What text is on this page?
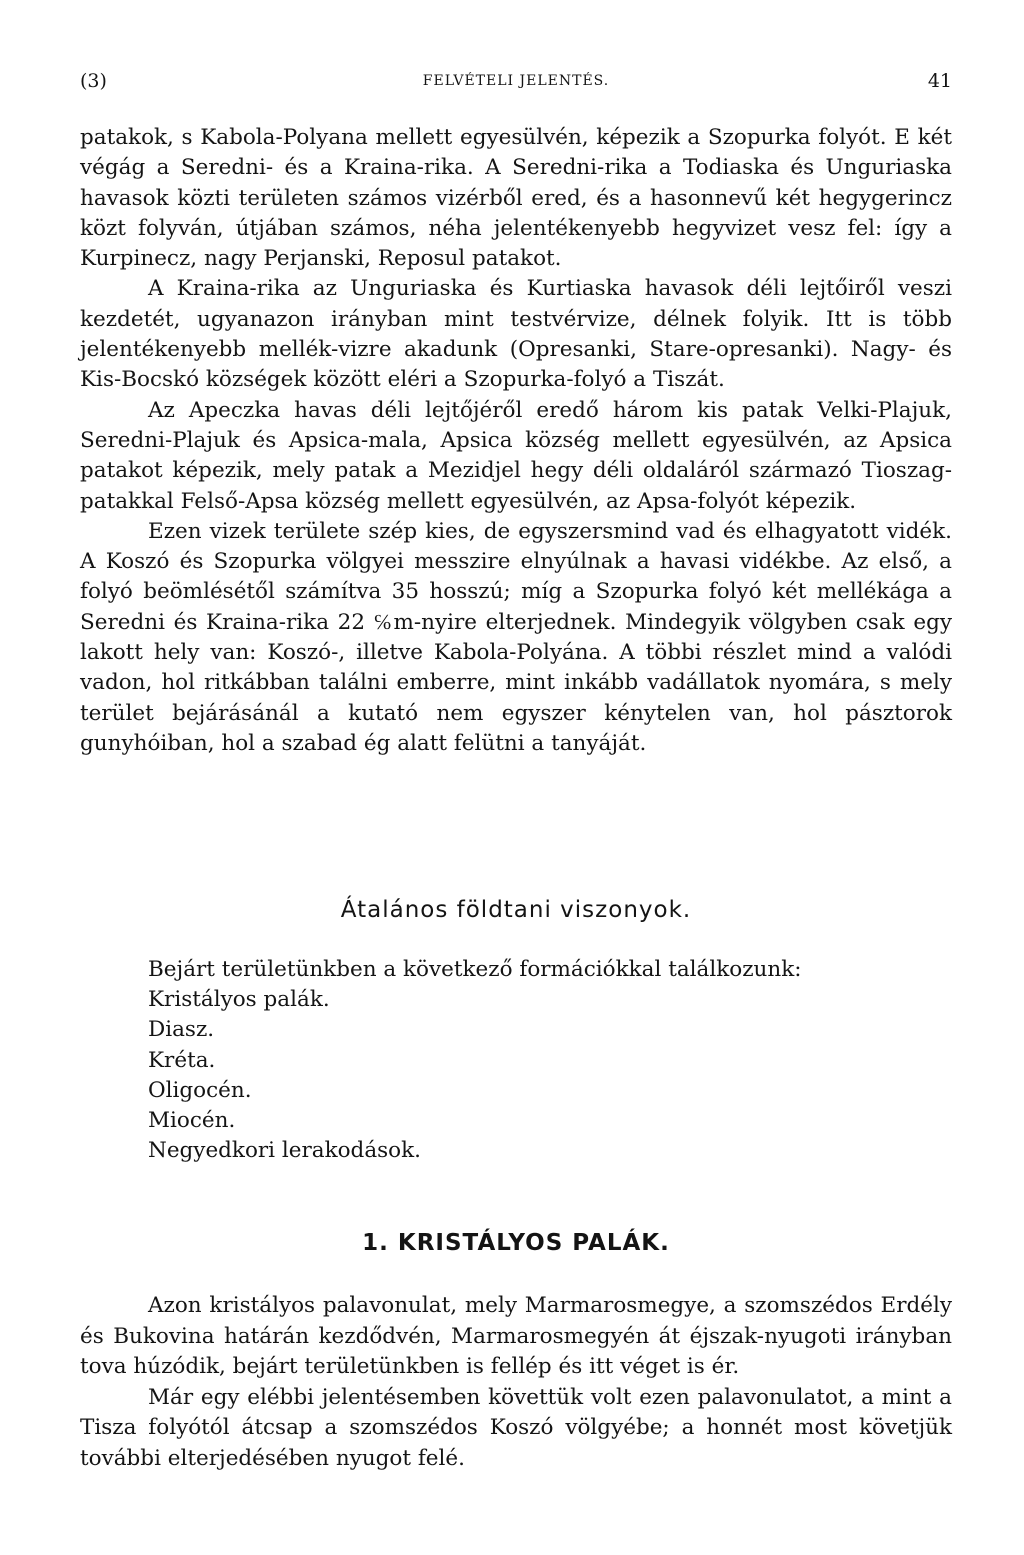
(3)	FELVÉTELI JELENTÉS.	41

patakok, s Kabola-Polyana mellett egyesülvén, képezik a Szopurka folyót. E két végág a Seredni- és a Kraina-rika. A Seredni-rika a Todiaska és Unguriaska havasok közti területen számos vizérből ered, és a hasonnevű két hegygerincz közt folyván, útjában számos, néha jelentékenyebb hegyvizet vesz fel: így a Kurpinecz, nagy Perjanski, Reposul patakot.

A Kraina-rika az Unguriaska és Kurtiaska havasok déli lejtőiről veszi kezdetét, ugyanazon irányban mint testvérvize, délnek folyik. Itt is több jelentékenyebb mellék-vizre akadunk (Opresanki, Stare-opresanki). Nagy- és Kis-Bocskó községek között eléri a Szopurka-folyó a Tiszát.

Az Apeczka havas déli lejtőjéről eredő három kis patak Velki-Plajuk, Seredni-Plajuk és Apsica-mala, Apsica község mellett egyesülvén, az Apsica patakot képezik, mely patak a Mezidjel hegy déli oldaláról származó Tioszag-patakkal Felső-Apsa község mellett egyesülvén, az Apsa-folyót képezik.

Ezen vizek területe szép kies, de egyszersmind vad és elhagyatott vidék. A Koszó és Szopurka völgyei messzire elnyúlnak a havasi vidékbe. Az első, a folyó beömlésétől számítva 35 hosszú; míg a Szopurka folyó két mellékága a Seredni és Kraina-rika 22 ℅m-nyire elterjednek. Mindegyik völgyben csak egy lakott hely van: Koszó-, illetve Kabola-Polyána. A többi részlet mind a valódi vadon, hol ritkábban találni emberre, mint inkább vadállatok nyomára, s mely terület bejárásánál a kutató nem egyszer kénytelen van, hol pásztorok gunyhóiban, hol a szabad ég alatt felütni a tanyáját.

Átalános földtani viszonyok.
Bejárt területünkben a következő formációkkal találkozunk:
Kristályos palák.
Diasz.
Kréta.
Oligocén.
Miocén.
Negyedkori lerakodások.
1. KRISTÁLYOS PALÁK.

Azon kristályos palavonulat, mely Marmarosmegye, a szomszédos Erdély és Bukovina határán kezdődvén, Marmarosmegyén át éjszak-nyugoti irányban tova húzódik, bejárt területünkben is fellép és itt véget is ér.

Már egy elébbi jelentésemben követtük volt ezen palavonulatot, a mint a Tisza folyótól átcsap a szomszédos Koszó völgyébe; a honnét most követjük további elterjedésében nyugot felé.
